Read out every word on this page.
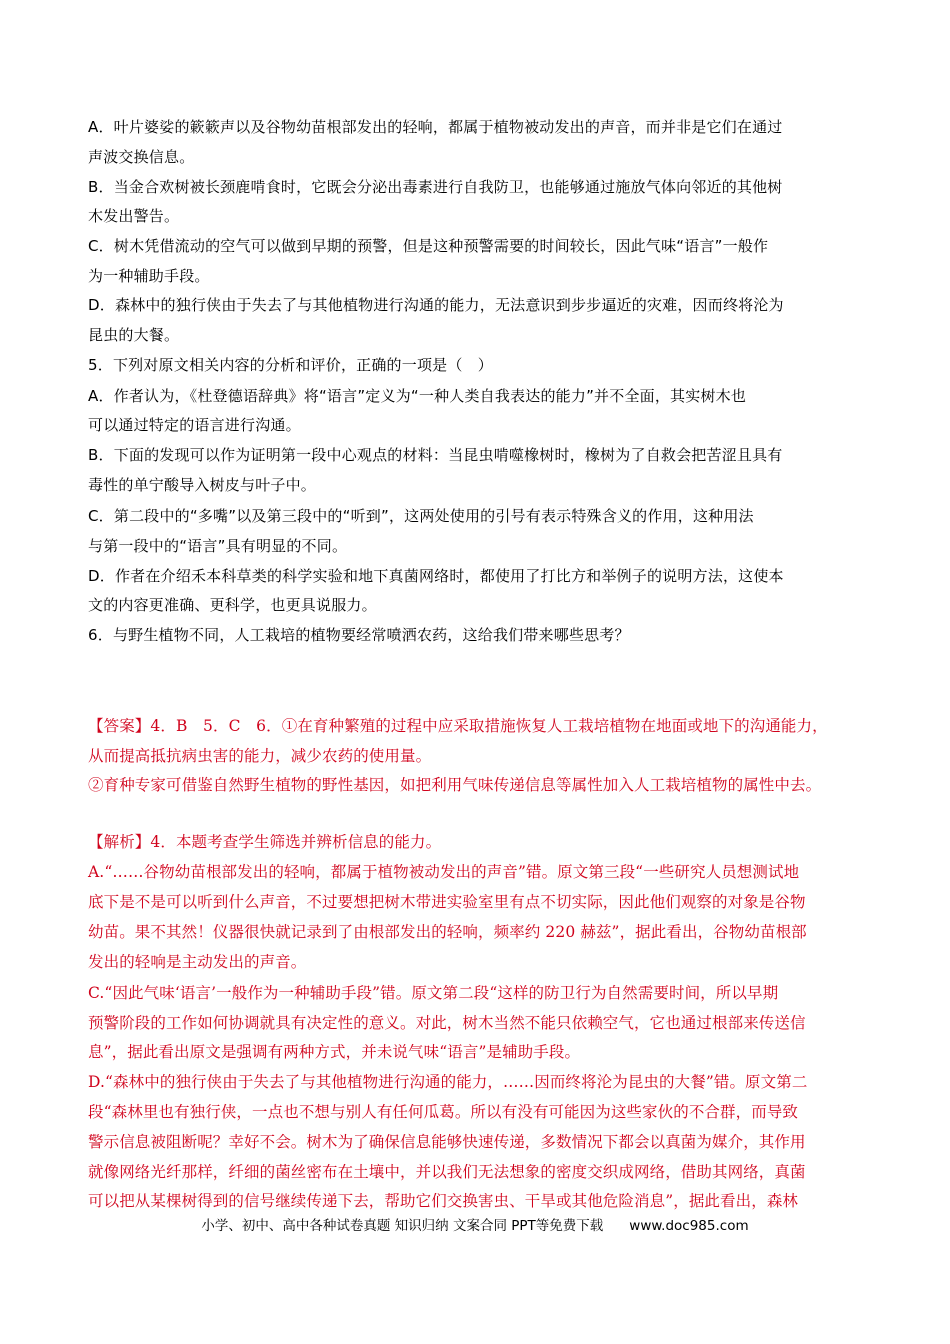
A．叶片婆娑的簌簌声以及谷物幼苗根部发出的轻响，都属于植物被动发出的声音，而并非是它们在通过
声波交换信息。
B．当金合欢树被长颈鹿啃食时，它既会分泌出毒素进行自我防卫，也能够通过施放气体向邻近的其他树
木发出警告。
C．树木凭借流动的空气可以做到早期的预警，但是这种预警需要的时间较长，因此气味“语言”一般作
为一种辅助手段。
D．森林中的独行侠由于失去了与其他植物进行沟通的能力，无法意识到步步逼近的灾难，因而终将沦为
昆虫的大餐。
5．下列对原文相关内容的分析和评价，正确的一项是（　）
A．作者认为，《杜登德语辞典》将“语言”定义为“一种人类自我表达的能力”并不全面，其实树木也
可以通过特定的语言进行沟通。
B．下面的发现可以作为证明第一段中心观点的材料：当昆虫啃噬橡树时，橡树为了自救会把苦涩且具有
毒性的单宁酸导入树皮与叶子中。
C．第二段中的“多嘴”以及第三段中的“听到”，这两处使用的引号有表示特殊含义的作用，这种用法
与第一段中的“语言”具有明显的不同。
D．作者在介绍禾本科草类的科学实验和地下真菌网络时，都使用了打比方和举例子的说明方法，这使本
文的内容更准确、更科学，也更具说服力。
6．与野生植物不同，人工栽培的植物要经常喷洒农药，这给我们带来哪些思考？
【答案】4．B　5．C　6．①在育种繁殖的过程中应采取措施恢复人工栽培植物在地面或地下的沟通能力，
从而提高抵抗病虫害的能力，减少农药的使用量。
②育种专家可借鉴自然野生植物的野性基因，如把利用气味传递信息等属性加入人工栽培植物的属性中去。
【解析】4．本题考查学生筛选并辨析信息的能力。
A.“……谷物幼苗根部发出的轻响，都属于植物被动发出的声音”错。原文第三段“一些研究人员想测试地
底下是不是可以听到什么声音，不过要想把树木带进实验室里有点不切实际，因此他们观察的对象是谷物
幼苗。果不其然！仪器很快就记录到了由根部发出的轻响，频率约 220 赫兹”，据此看出，谷物幼苗根部
发出的轻响是主动发出的声音。
C.“因此气味‘语言’一般作为一种辅助手段”错。原文第二段“这样的防卫行为自然需要时间，所以早期
预警阶段的工作如何协调就具有决定性的意义。对此，树木当然不能只依赖空气，它也通过根部来传送信
息”，据此看出原文是强调有两种方式，并未说气味“语言”是辅助手段。
D.“森林中的独行侠由于失去了与其他植物进行沟通的能力，……因而终将沦为昆虫的大餐”错。原文第二
段“森林里也有独行侠，一点也不想与别人有任何瓜葛。所以有没有可能因为这些家伙的不合群，而导致
警示信息被阻断呢？幸好不会。树木为了确保信息能够快速传递，多数情况下都会以真菌为媒介，其作用
就像网络光纤那样，纤细的菌丝密布在土壤中，并以我们无法想象的密度交织成网络，借助其网络，真菌
可以把从某棵树得到的信号继续传递下去，帮助它们交换害虫、干旱或其他危险消息”，据此看出，森林
小学、初中、高中各种试卷真题 知识归纳 文案合同 PPT等免费下载 www.doc985.com
